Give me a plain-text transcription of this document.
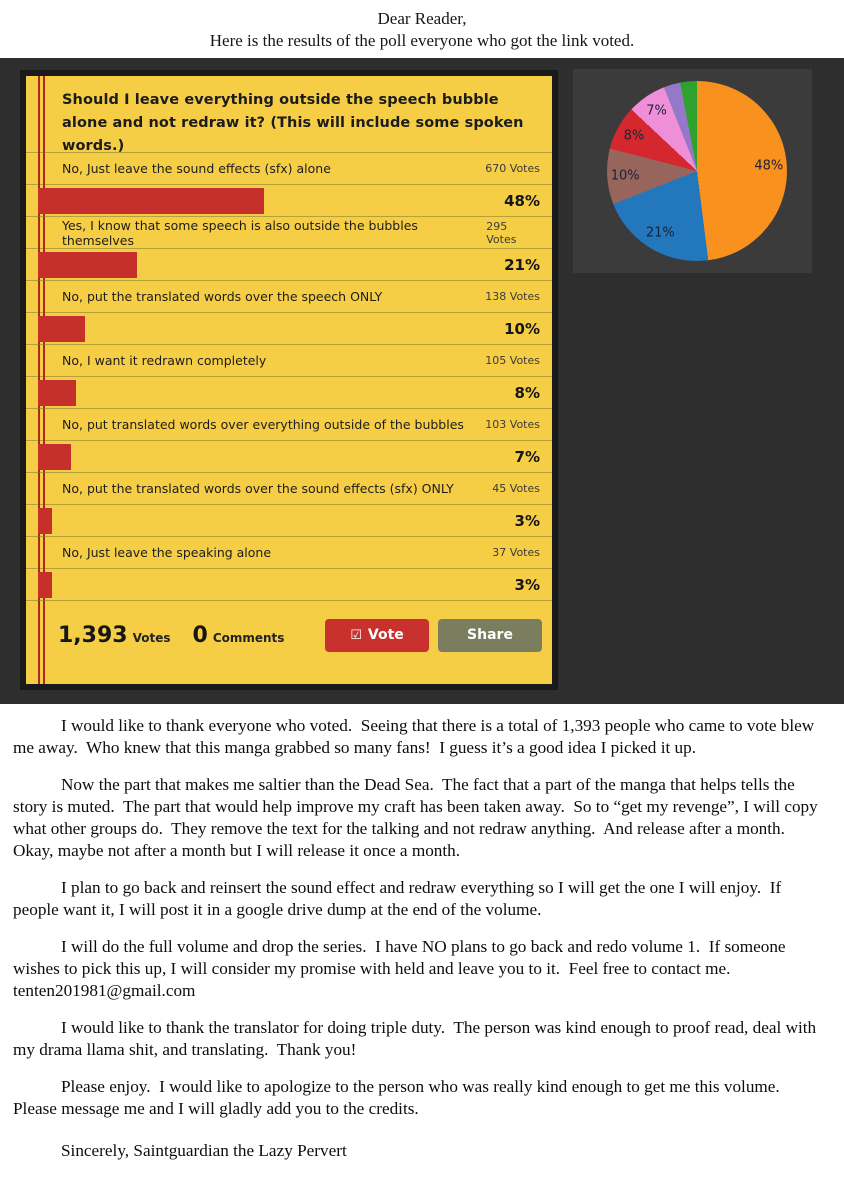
Dear Reader,
Here is the results of the poll everyone who got the link voted.
Should I leave everything outside the speech bubble alone and not redraw it? (This will include some spoken words.)
No, Just leave the sound effects (sfx) alone	670 Votes
48%
Yes, I know that some speech is also outside the bubbles themselves
295 Votes
21%
No, put the translated words over the speech ONLY	138 Votes
10%
No, I want it redrawn completely	105 Votes
8%
No, put translated words over everything outside of the bubbles 103 Votes
7%
No, put the translated words over the sound effects (sfx) ONLY	45 Votes
3%
No, Just leave the speaking alone	37 Votes
3%
1,393 Votes 0 Comments	☑ Vote	Share
48%
21%
10%
8%
7%

I would like to thank everyone who voted.  Seeing that there is a total of 1,393 people who came to vote blew me away.  Who knew that this manga grabbed so many fans!  I guess it’s a good idea I picked it up.

Now the part that makes me saltier than the Dead Sea.  The fact that a part of the manga that helps tells the story is muted.  The part that would help improve my craft has been taken away.  So to “get my revenge”, I will copy what other groups do.  They remove the text for the talking and not redraw anything.  And release after a month.  Okay, maybe not after a month but I will release it once a month.

I plan to go back and reinsert the sound effect and redraw everything so I will get the one I will enjoy.  If people want it, I will post it in a google drive dump at the end of the volume.

I will do the full volume and drop the series.  I have NO plans to go back and redo volume 1.  If someone wishes to pick this up, I will consider my promise with held and leave you to it.  Feel free to contact me. tenten201981@gmail.com

I would like to thank the translator for doing triple duty.  The person was kind enough to proof read, deal with my drama llama shit, and translating.  Thank you!

Please enjoy.  I would like to apologize to the person who was really kind enough to get me this volume.  Please message me and I will gladly add you to the credits.

Sincerely, Saintguardian the Lazy Pervert
